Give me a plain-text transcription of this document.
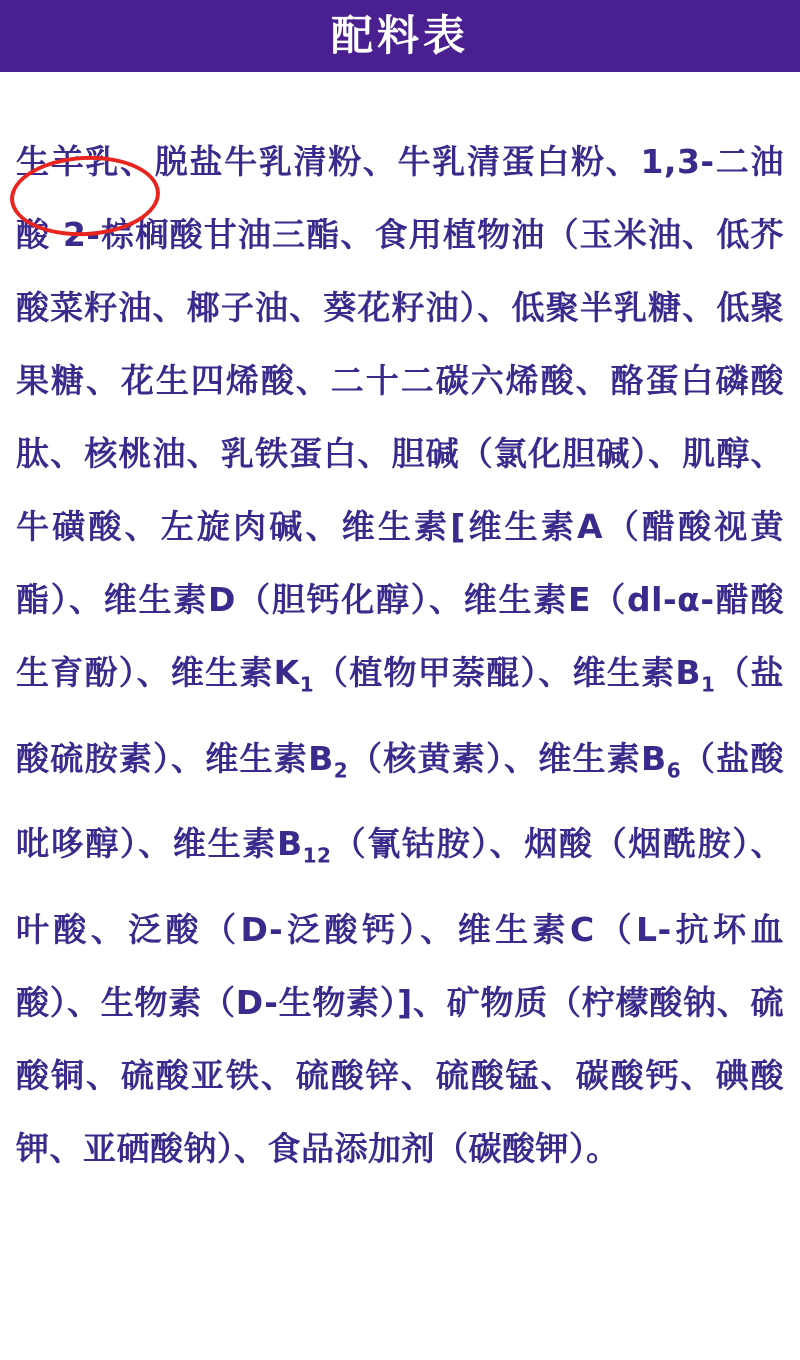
配料表

生羊乳、脱盐牛乳清粉、牛乳清蛋白粉、1,3-二油酸 2-棕榈酸甘油三酯、食用植物油（玉米油、低芥酸菜籽油、椰子油、葵花籽油）、低聚半乳糖、低聚果糖、花生四烯酸、二十二碳六烯酸、酪蛋白磷酸肽、核桃油、乳铁蛋白、胆碱（氯化胆碱）、肌醇、牛磺酸、左旋肉碱、维生素[维生素A（醋酸视黄酯）、维生素D（胆钙化醇）、维生素E（dl-α-醋酸生育酚）、维生素$K_1$（植物甲萘醌）、维生素$B_1$（盐酸硫胺素）、维生素$B_2$（核黄素）、维生素$B_6$（盐酸吡哆醇）、维生素$B_{12}$（氰钴胺）、烟酸（烟酰胺）、叶酸、泛酸（D-泛酸钙）、维生素C（L-抗坏血酸）、生物素（D-生物素）]、矿物质（柠檬酸钠、硫酸铜、硫酸亚铁、硫酸锌、硫酸锰、碳酸钙、碘酸钾、亚硒酸钠）、食品添加剂（碳酸钾）。
